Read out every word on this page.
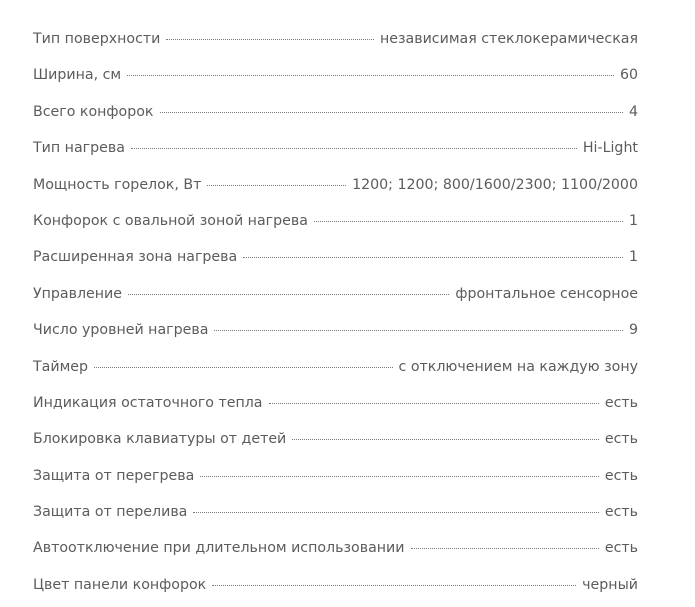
Тип поверхности	независимая стеклокерамическая
Ширина, см	60
Всего конфорок	4
Тип нагрева	Hi-Light
Мощность горелок, Вт	1200; 1200; 800/1600/2300; 1100/2000
Конфорок с овальной зоной нагрева	1
Расширенная зона нагрева	1
Управление	фронтальное сенсорное
Число уровней нагрева	9
Таймер	с отключением на каждую зону
Индикация остаточного тепла	есть
Блокировка клавиатуры от детей	есть
Защита от перегрева	есть
Защита от перелива	есть
Автоотключение при длительном использовании	есть
Цвет панели конфорок	черный
